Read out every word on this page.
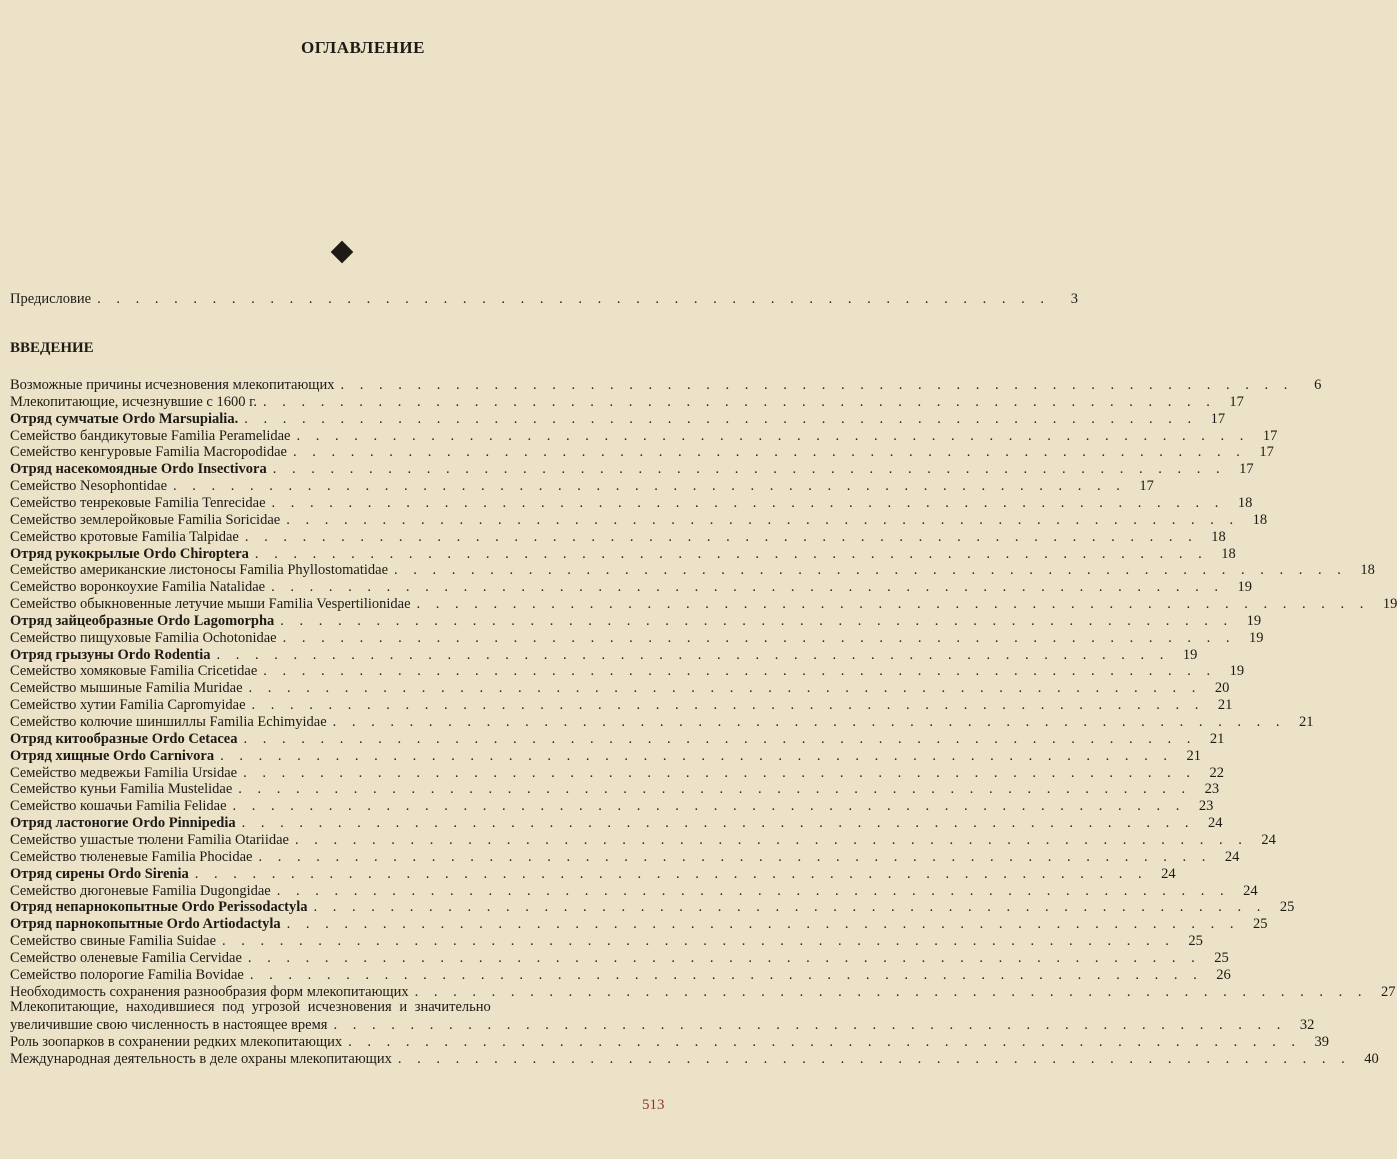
ОГЛАВЛЕНИЕ
Предисловие . . . . . . . . . . . . . . . . . . . . . . . . . . . . . . . . . . . . . . . . . . . . . . . . . .	3
ВВЕДЕНИЕ
Возможные причины исчезновения млекопитающих . . . . . . . . . . . . . . . . . . . . . . . . . . . . . . . . . . . . . . . . . . . . . . . . . .	6
Млекопитающие, исчезнувшие с 1600 г. . . . . . . . . . . . . . . . . . . . . . . . . . . . . . . . . . . . . . . . . . . . . . . . . . . 17
Отряд сумчатые Ordo Marsupialia. . . . . . . . . . . . . . . . . . . . . . . . . . . . . . . . . . . . . . . . . . . . . . . . . . . 17
Семейство бандикутовые Familia Peramelidae . . . . . . . . . . . . . . . . . . . . . . . . . . . . . . . . . . . . . . . . . . . . . . . . . . 17
Семейство кенгуровые Familia Macropodidae . . . . . . . . . . . . . . . . . . . . . . . . . . . . . . . . . . . . . . . . . . . . . . . . . . 17
Отряд насекомоядные Ordo Insectivora . . . . . . . . . . . . . . . . . . . . . . . . . . . . . . . . . . . . . . . . . . . . . . . . . . 17
Семейство Nesophontidae . . . . . . . . . . . . . . . . . . . . . . . . . . . . . . . . . . . . . . . . . . . . . . . . . . 17
Семейство тенрековые Familia Tenrecidae . . . . . . . . . . . . . . . . . . . . . . . . . . . . . . . . . . . . . . . . . . . . . . . . . . 18
Семейство землеройковые Familia Soricidae . . . . . . . . . . . . . . . . . . . . . . . . . . . . . . . . . . . . . . . . . . . . . . . . . . 18
Семейство кротовые Familia Talpidae . . . . . . . . . . . . . . . . . . . . . . . . . . . . . . . . . . . . . . . . . . . . . . . . . . 18
Отряд рукокрылые Ordo Chiroptera . . . . . . . . . . . . . . . . . . . . . . . . . . . . . . . . . . . . . . . . . . . . . . . . . . 18
Семейство американские листоносы Familia Phyllostomatidae . . . . . . . . . . . . . . . . . . . . . . . . . . . . . . . . . . . . . . . . . . . . . . . . . . 18
Семейство воронкоухие Familia Natalidae . . . . . . . . . . . . . . . . . . . . . . . . . . . . . . . . . . . . . . . . . . . . . . . . . . 19
Семейство обыкновенные летучие мыши Familia Vespertilionidae . . . . . . . . . . . . . . . . . . . . . . . . . . . . . . . . . . . . . . . . . . . . . . . . . . 19
Отряд зайцеобразные Ordo Lagomorpha . . . . . . . . . . . . . . . . . . . . . . . . . . . . . . . . . . . . . . . . . . . . . . . . . . 19
Семейство пищуховые Familia Ochotonidae . . . . . . . . . . . . . . . . . . . . . . . . . . . . . . . . . . . . . . . . . . . . . . . . . . 19
Отряд грызуны Ordo Rodentia . . . . . . . . . . . . . . . . . . . . . . . . . . . . . . . . . . . . . . . . . . . . . . . . . . 19
Семейство хомяковые Familia Cricetidae . . . . . . . . . . . . . . . . . . . . . . . . . . . . . . . . . . . . . . . . . . . . . . . . . . 19
Семейство мышиные Familia Muridae . . . . . . . . . . . . . . . . . . . . . . . . . . . . . . . . . . . . . . . . . . . . . . . . . . 20
Семейство хутии Familia Capromyidae . . . . . . . . . . . . . . . . . . . . . . . . . . . . . . . . . . . . . . . . . . . . . . . . . . 21
Семейство колючие шиншиллы Familia Echimyidae . . . . . . . . . . . . . . . . . . . . . . . . . . . . . . . . . . . . . . . . . . . . . . . . . . 21
Отряд китообразные Ordo Cetacea . . . . . . . . . . . . . . . . . . . . . . . . . . . . . . . . . . . . . . . . . . . . . . . . . . 21
Отряд хищные Ordo Carnivora . . . . . . . . . . . . . . . . . . . . . . . . . . . . . . . . . . . . . . . . . . . . . . . . . . 21
Семейство медвежьи Familia Ursidae . . . . . . . . . . . . . . . . . . . . . . . . . . . . . . . . . . . . . . . . . . . . . . . . . . 22
Семейство куньи Familia Mustelidae . . . . . . . . . . . . . . . . . . . . . . . . . . . . . . . . . . . . . . . . . . . . . . . . . . 23
Семейство кошачьи Familia Felidae . . . . . . . . . . . . . . . . . . . . . . . . . . . . . . . . . . . . . . . . . . . . . . . . . . 23
Отряд ластоногие Ordo Pinnipedia . . . . . . . . . . . . . . . . . . . . . . . . . . . . . . . . . . . . . . . . . . . . . . . . . . 24
Семейство ушастые тюлени Familia Otariidae . . . . . . . . . . . . . . . . . . . . . . . . . . . . . . . . . . . . . . . . . . . . . . . . . . 24
Семейство тюленевые Familia Phocidae . . . . . . . . . . . . . . . . . . . . . . . . . . . . . . . . . . . . . . . . . . . . . . . . . . 24
Отряд сирены Ordo Sirenia . . . . . . . . . . . . . . . . . . . . . . . . . . . . . . . . . . . . . . . . . . . . . . . . . . 24
Семейство дюгоневые Familia Dugongidae . . . . . . . . . . . . . . . . . . . . . . . . . . . . . . . . . . . . . . . . . . . . . . . . . . 24
Отряд непарнокопытные Ordo Perissodactyla . . . . . . . . . . . . . . . . . . . . . . . . . . . . . . . . . . . . . . . . . . . . . . . . . . 25
Отряд парнокопытные Ordo Artiodactyla . . . . . . . . . . . . . . . . . . . . . . . . . . . . . . . . . . . . . . . . . . . . . . . . . . 25
Семейство свиные Familia Suidae . . . . . . . . . . . . . . . . . . . . . . . . . . . . . . . . . . . . . . . . . . . . . . . . . . 25
Семейство оленевые Familia Cervidae . . . . . . . . . . . . . . . . . . . . . . . . . . . . . . . . . . . . . . . . . . . . . . . . . . 25
Семейство полорогие Familia Bovidae . . . . . . . . . . . . . . . . . . . . . . . . . . . . . . . . . . . . . . . . . . . . . . . . . . 26
Необходимость сохранения разнообразия форм млекопитающих . . . . . . . . . . . . . . . . . . . . . . . . . . . . . . . . . . . . . . . . . . . . . . . . . . 27
Млекопитающие, находившиеся под угрозой исчезновения и значительно
увеличившие свою численность в настоящее время . . . . . . . . . . . . . . . . . . . . . . . . . . . . . . . . . . . . . . . . . . . . . . . . . . 32
Роль зоопарков в сохранении редких млекопитающих . . . . . . . . . . . . . . . . . . . . . . . . . . . . . . . . . . . . . . . . . . . . . . . . . . 39
Международная деятельность в деле охраны млекопитающих . . . . . . . . . . . . . . . . . . . . . . . . . . . . . . . . . . . . . . . . . . . . . . . . . . 40
513
